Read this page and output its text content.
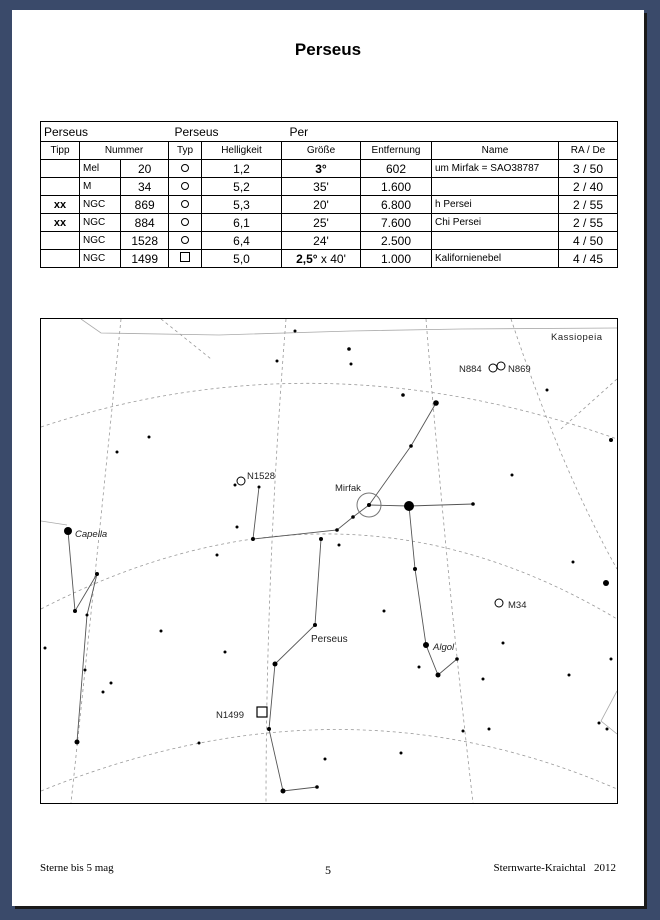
Perseus
Perseus			Perseus		Per			
Tipp	Nummer		Typ	Helligkeit	Größe	Entfernung	Name	RA / De
	Mel	20		1,2	3°	602	um Mirfak = SAO38787	3 / 50
	M	34		5,2	35'	1.600		2 / 40
xx	NGC	869		5,3	20'	6.800	h Persei	2 / 55
xx	NGC	884		6,1	25'	7.600	Chi Persei	2 / 55
	NGC	1528		6,4	24'	2.500		4 / 50
	NGC	1499		5,0	2,5° x 40'	1.000	Kalifornienebel	4 / 45
Kassiopeia
Mirfak
Capella
Algol
Perseus
N884	N869
N1528
M34
N1499
Sterne bis 5 mag	5	Sternwarte-Kraichtal   2012
